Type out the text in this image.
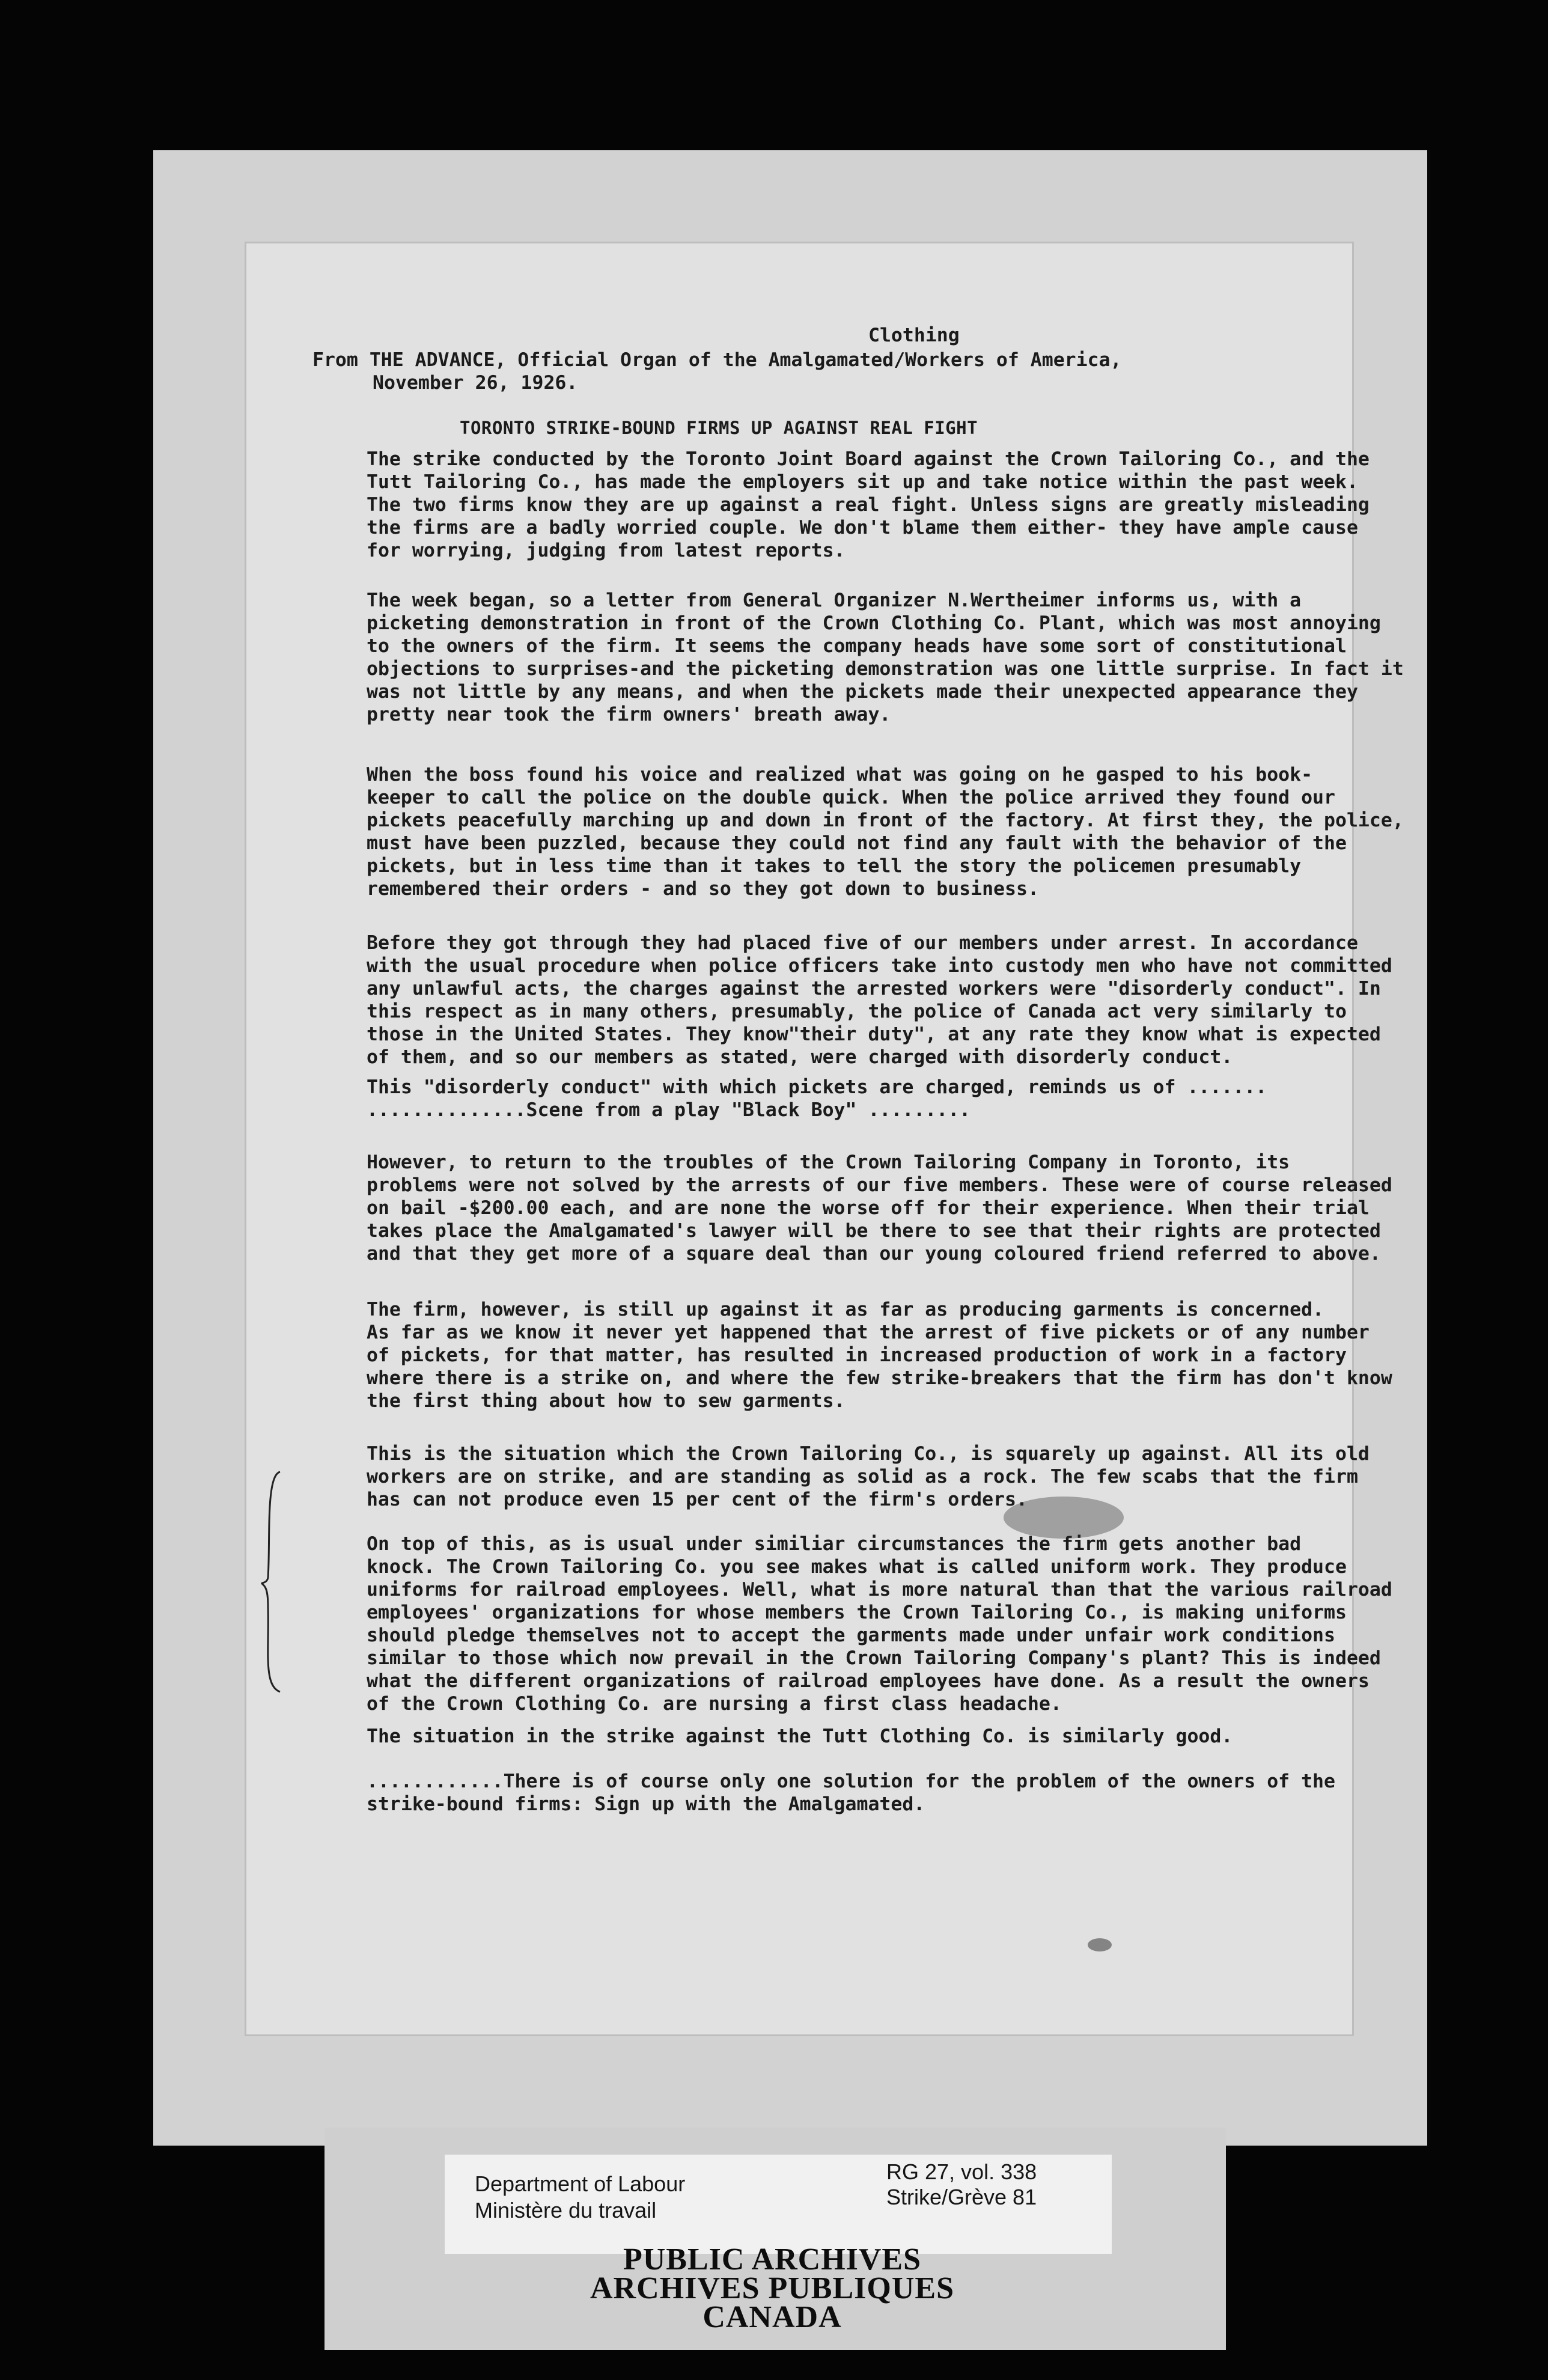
Clothing

From THE ADVANCE, Official Organ of the Amalgamated/Workers of America,

November 26, 1926.

TORONTO STRIKE-BOUND FIRMS UP AGAINST REAL FIGHT

The strike conducted by the Toronto Joint Board against the Crown Tailoring Co., and the
Tutt Tailoring Co., has made the employers sit up and take notice within the past week.
The two firms know they are up against a real fight. Unless signs are greatly misleading
the firms are a badly worried couple. We don't blame them either- they have ample cause
for worrying, judging from latest reports.

The week began, so a letter from General Organizer N.Wertheimer informs us, with a
picketing demonstration in front of the Crown Clothing Co. Plant, which was most annoying
to the owners of the firm. It seems the company heads have some sort of constitutional
objections to surprises-and the picketing demonstration was one little surprise. In fact it
was not little by any means, and when the pickets made their unexpected appearance they
pretty near took the firm owners' breath away.

When the boss found his voice and realized what was going on he gasped to his book-
keeper to call the police on the double quick. When the police arrived they found our
pickets peacefully marching up and down in front of the factory. At first they, the police,
must have been puzzled, because they could not find any fault with the behavior of the
pickets, but in less time than it takes to tell the story the policemen presumably
remembered their orders - and so they got down to business.

Before they got through they had placed five of our members under arrest. In accordance
with the usual procedure when police officers take into custody men who have not committed
any unlawful acts, the charges against the arrested workers were "disorderly conduct". In
this respect as in many others, presumably, the police of Canada act very similarly to
those in the United States. They know"their duty", at any rate they know what is expected
of them, and so our members as stated, were charged with disorderly conduct.

This "disorderly conduct" with which pickets are charged, reminds us of .......
..............Scene from a play "Black Boy" .........

However, to return to the troubles of the Crown Tailoring Company in Toronto, its
problems were not solved by the arrests of our five members. These were of course released
on bail -$200.00 each, and are none the worse off for their experience. When their trial
takes place the Amalgamated's lawyer will be there to see that their rights are protected
and that they get more of a square deal than our young coloured friend referred to above.

The firm, however, is still up against it as far as producing garments is concerned.
As far as we know it never yet happened that the arrest of five pickets or of any number
of pickets, for that matter, has resulted in increased production of work in a factory
where there is a strike on, and where the few strike-breakers that the firm has don't know
the first thing about how to sew garments.

This is the situation which the Crown Tailoring Co., is squarely up against. All its old
workers are on strike, and are standing as solid as a rock. The few scabs that the firm
has can not produce even 15 per cent of the firm's orders.

On top of this, as is usual under similiar circumstances the firm gets another bad
knock. The Crown Tailoring Co. you see makes what is called uniform work. They produce
uniforms for railroad employees. Well, what is more natural than that the various railroad
employees' organizations for whose members the Crown Tailoring Co., is making uniforms
should pledge themselves not to accept the garments made under unfair work conditions
similar to those which now prevail in the Crown Tailoring Company's plant? This is indeed
what the different organizations of railroad employees have done. As a result the owners
of the Crown Clothing Co. are nursing a first class headache.

The situation in the strike against the Tutt Clothing Co. is similarly good.

............There is of course only one solution for the problem of the owners of the
strike-bound firms: Sign up with the Amalgamated.

Department of Labour
Ministère du travail
RG 27, vol. 338
Strike/Grève 81
PUBLIC ARCHIVES
ARCHIVES PUBLIQUES
CANADA
